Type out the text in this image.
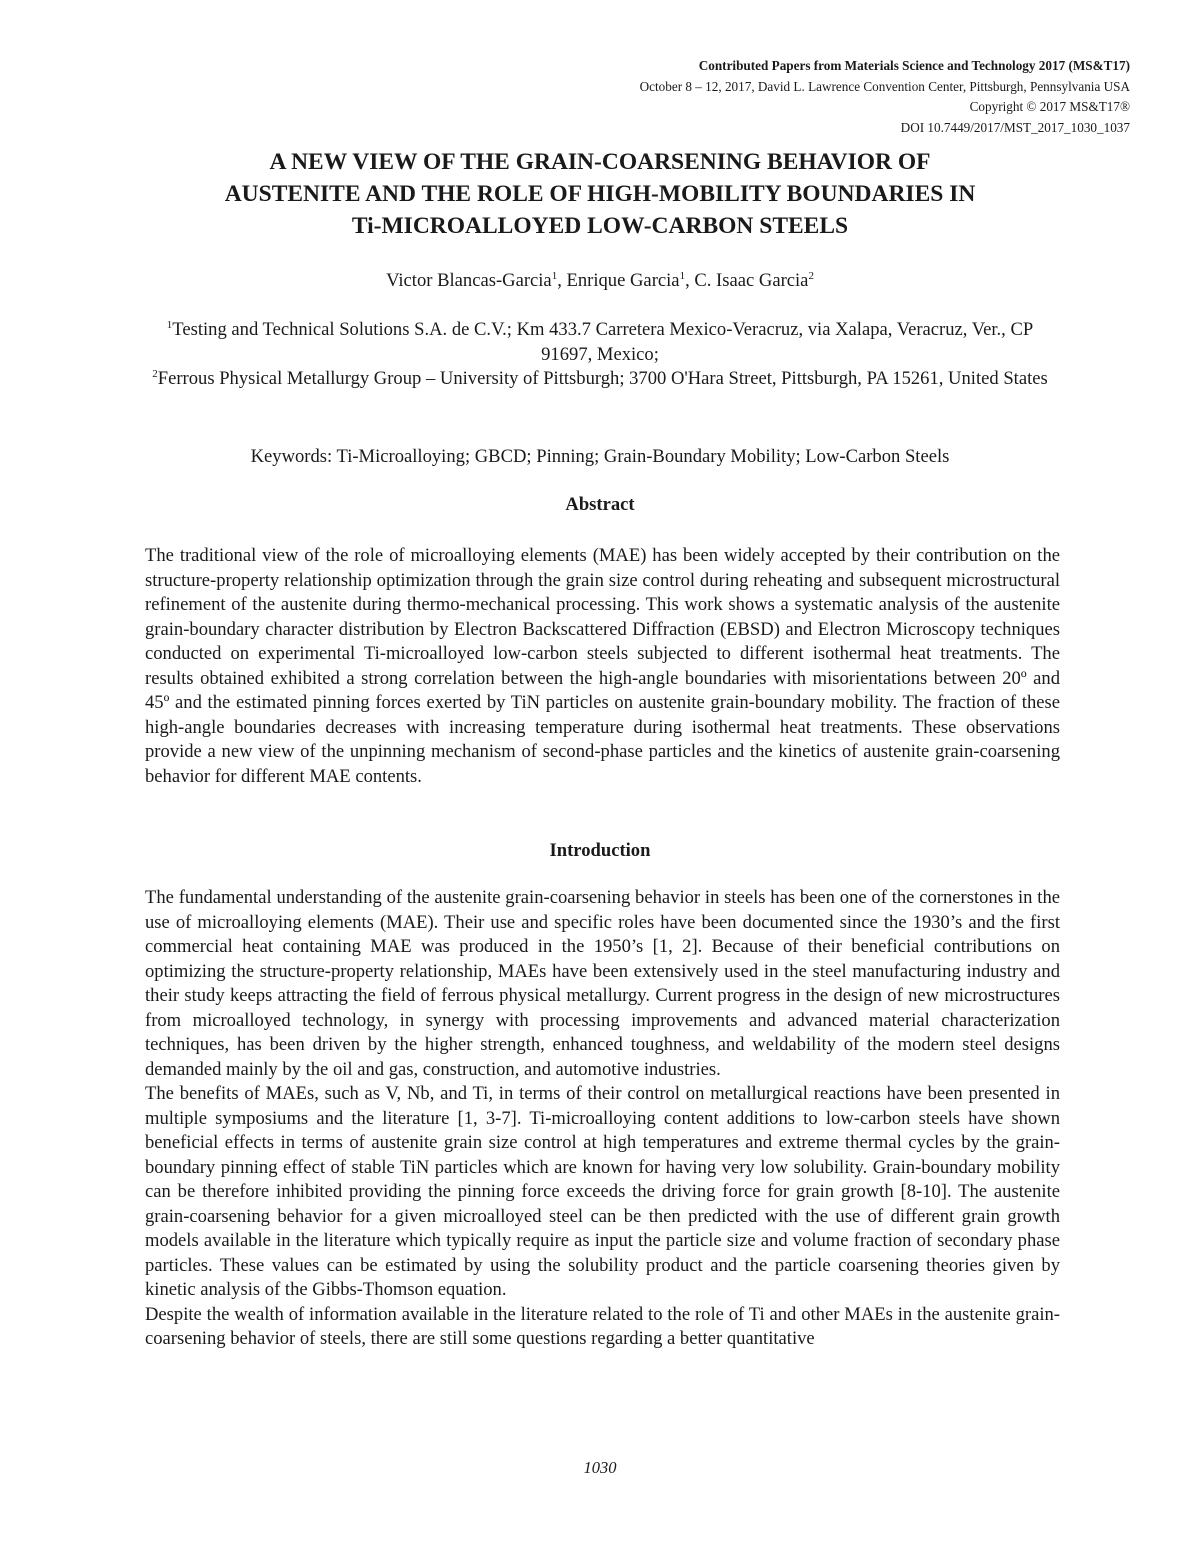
Contributed Papers from Materials Science and Technology 2017 (MS&T17)
October 8 – 12, 2017, David L. Lawrence Convention Center, Pittsburgh, Pennsylvania USA
Copyright © 2017 MS&T17®
DOI 10.7449/2017/MST_2017_1030_1037
A NEW VIEW OF THE GRAIN-COARSENING BEHAVIOR OF
AUSTENITE AND THE ROLE OF HIGH-MOBILITY BOUNDARIES IN
Ti-MICROALLOYED LOW-CARBON STEELS
Victor Blancas-Garcia$^1$, Enrique Garcia$^1$, C. Isaac Garcia$^2$
$^1$Testing and Technical Solutions S.A. de C.V.; Km 433.7 Carretera Mexico-Veracruz, via Xalapa, Veracruz, Ver., CP 91697, Mexico;
$^2$Ferrous Physical Metallurgy Group – University of Pittsburgh; 3700 O'Hara Street, Pittsburgh, PA 15261, United States
Keywords: Ti-Microalloying; GBCD; Pinning; Grain-Boundary Mobility; Low-Carbon Steels
Abstract

The traditional view of the role of microalloying elements (MAE) has been widely accepted by their contribution on the structure-property relationship optimization through the grain size control during reheating and subsequent microstructural refinement of the austenite during thermo-mechanical processing. This work shows a systematic analysis of the austenite grain-boundary character distribution by Electron Backscattered Diffraction (EBSD) and Electron Microscopy techniques conducted on experimental Ti-microalloyed low-carbon steels subjected to different isothermal heat treatments. The results obtained exhibited a strong correlation between the high-angle boundaries with misorientations between 20º and 45º and the estimated pinning forces exerted by TiN particles on austenite grain-boundary mobility. The fraction of these high-angle boundaries decreases with increasing temperature during isothermal heat treatments. These observations provide a new view of the unpinning mechanism of second-phase particles and the kinetics of austenite grain-coarsening behavior for different MAE contents.

Introduction

The fundamental understanding of the austenite grain-coarsening behavior in steels has been one of the cornerstones in the use of microalloying elements (MAE). Their use and specific roles have been documented since the 1930’s and the first commercial heat containing MAE was produced in the 1950’s [1, 2]. Because of their beneficial contributions on optimizing the structure-property relationship, MAEs have been extensively used in the steel manufacturing industry and their study keeps attracting the field of ferrous physical metallurgy. Current progress in the design of new microstructures from microalloyed technology, in synergy with processing improvements and advanced material characterization techniques, has been driven by the higher strength, enhanced toughness, and weldability of the modern steel designs demanded mainly by the oil and gas, construction, and automotive industries.

The benefits of MAEs, such as V, Nb, and Ti, in terms of their control on metallurgical reactions have been presented in multiple symposiums and the literature [1, 3-7]. Ti-microalloying content additions to low-carbon steels have shown beneficial effects in terms of austenite grain size control at high temperatures and extreme thermal cycles by the grain-boundary pinning effect of stable TiN particles which are known for having very low solubility. Grain-boundary mobility can be therefore inhibited providing the pinning force exceeds the driving force for grain growth [8-10]. The austenite grain-coarsening behavior for a given microalloyed steel can be then predicted with the use of different grain growth models available in the literature which typically require as input the particle size and volume fraction of secondary phase particles. These values can be estimated by using the solubility product and the particle coarsening theories given by kinetic analysis of the Gibbs-Thomson equation.

Despite the wealth of information available in the literature related to the role of Ti and other MAEs in the austenite grain-coarsening behavior of steels, there are still some questions regarding a better quantitative

1030
